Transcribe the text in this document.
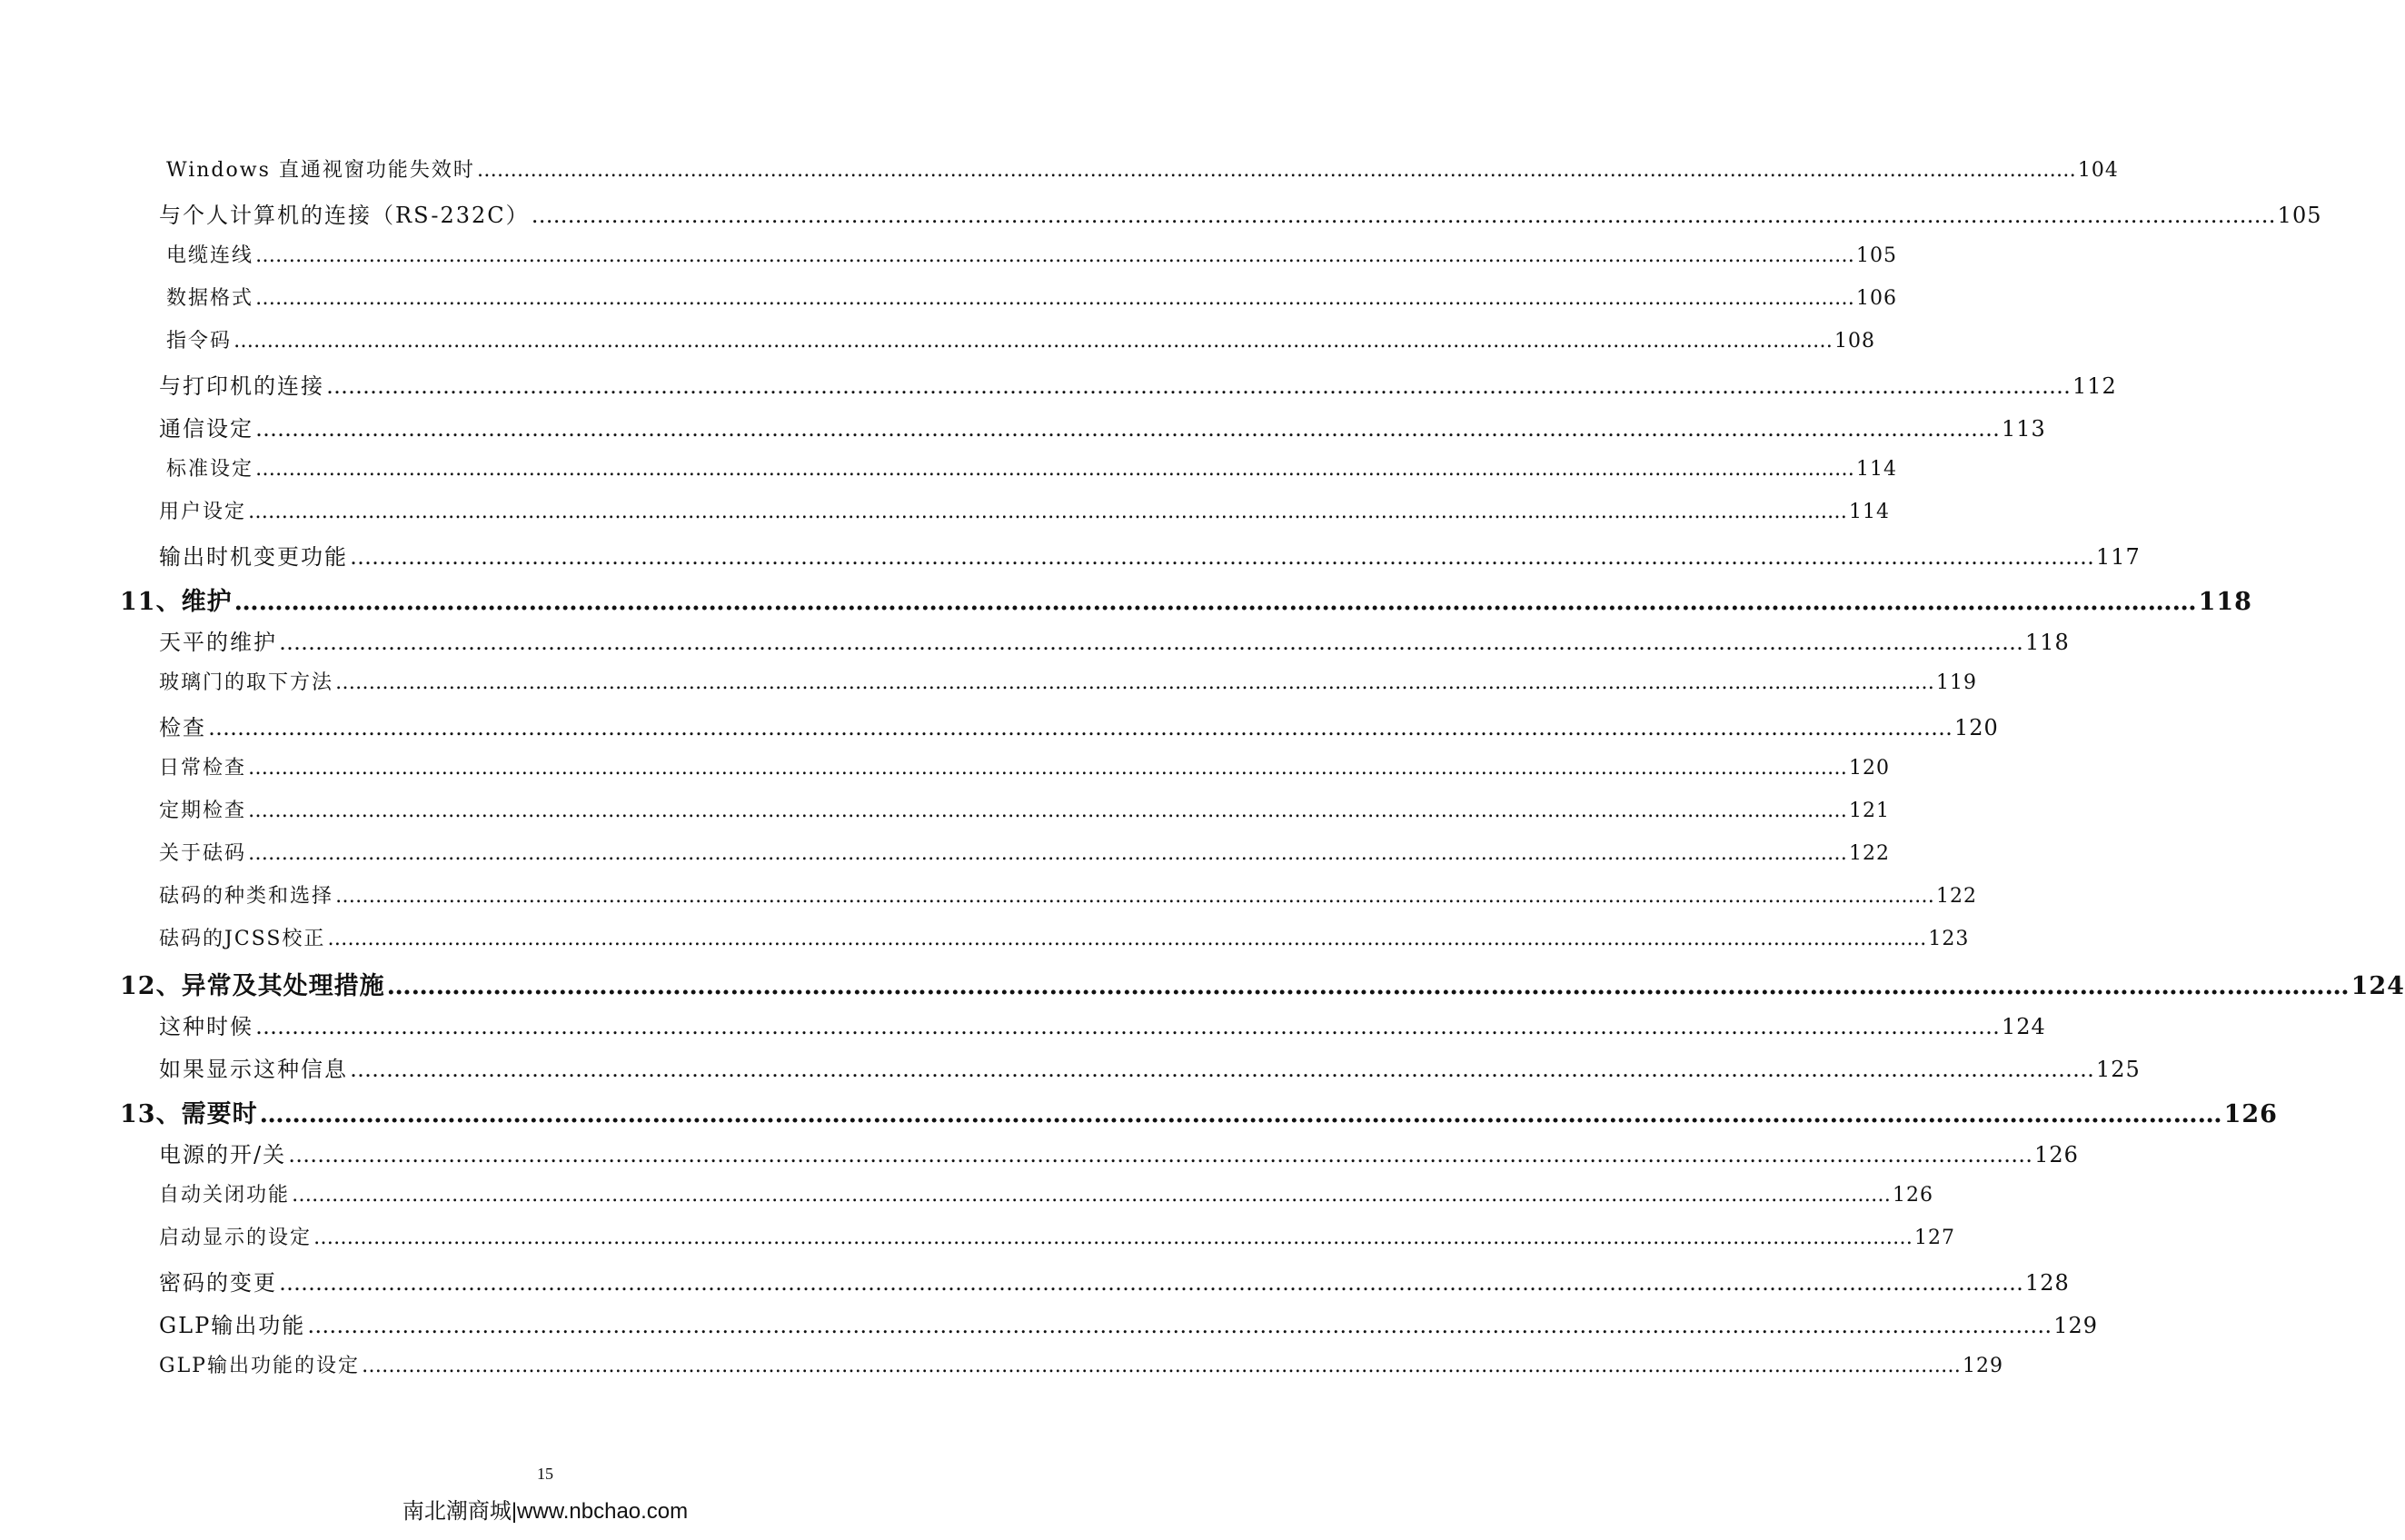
Windows 直通视窗功能失效时 …………………………………………………………………………………………………………………………………………………………………………………………………………………… 104
与个人计算机的连接（RS-232C） …………………………………………………………………………………………………………………………………………………………………………………………………………………… 105
电缆连线 …………………………………………………………………………………………………………………………………………………………………………………………………………………… 105
数据格式 …………………………………………………………………………………………………………………………………………………………………………………………………………………… 106
指令码 …………………………………………………………………………………………………………………………………………………………………………………………………………………… 108
与打印机的连接 …………………………………………………………………………………………………………………………………………………………………………………………………………………… 112
通信设定 …………………………………………………………………………………………………………………………………………………………………………………………………………………… 113
标准设定 …………………………………………………………………………………………………………………………………………………………………………………………………………………… 114
用户设定 …………………………………………………………………………………………………………………………………………………………………………………………………………………… 114
输出时机变更功能 …………………………………………………………………………………………………………………………………………………………………………………………………………………… 117
11、维护 …………………………………………………………………………………………………………………………………………………………………………………………………………………… 118
天平的维护 …………………………………………………………………………………………………………………………………………………………………………………………………………………… 118
玻璃门的取下方法 …………………………………………………………………………………………………………………………………………………………………………………………………………………… 119
检查 …………………………………………………………………………………………………………………………………………………………………………………………………………………… 120
日常检查 …………………………………………………………………………………………………………………………………………………………………………………………………………………… 120
定期检查 …………………………………………………………………………………………………………………………………………………………………………………………………………………… 121
关于砝码 …………………………………………………………………………………………………………………………………………………………………………………………………………………… 122
砝码的种类和选择 …………………………………………………………………………………………………………………………………………………………………………………………………………………… 122
砝码的JCSS校正 …………………………………………………………………………………………………………………………………………………………………………………………………………………… 123
12、异常及其处理措施 …………………………………………………………………………………………………………………………………………………………………………………………………………………… 124
这种时候 …………………………………………………………………………………………………………………………………………………………………………………………………………………… 124
如果显示这种信息 …………………………………………………………………………………………………………………………………………………………………………………………………………………… 125
13、需要时 …………………………………………………………………………………………………………………………………………………………………………………………………………………… 126
电源的开/关 …………………………………………………………………………………………………………………………………………………………………………………………………………………… 126
自动关闭功能 …………………………………………………………………………………………………………………………………………………………………………………………………………………… 126
启动显示的设定 …………………………………………………………………………………………………………………………………………………………………………………………………………………… 127
密码的变更 …………………………………………………………………………………………………………………………………………………………………………………………………………………… 128
GLP输出功能 …………………………………………………………………………………………………………………………………………………………………………………………………………………… 129
GLP输出功能的设定 …………………………………………………………………………………………………………………………………………………………………………………………………………………… 129
15
南北潮商城|www.nbchao.com
